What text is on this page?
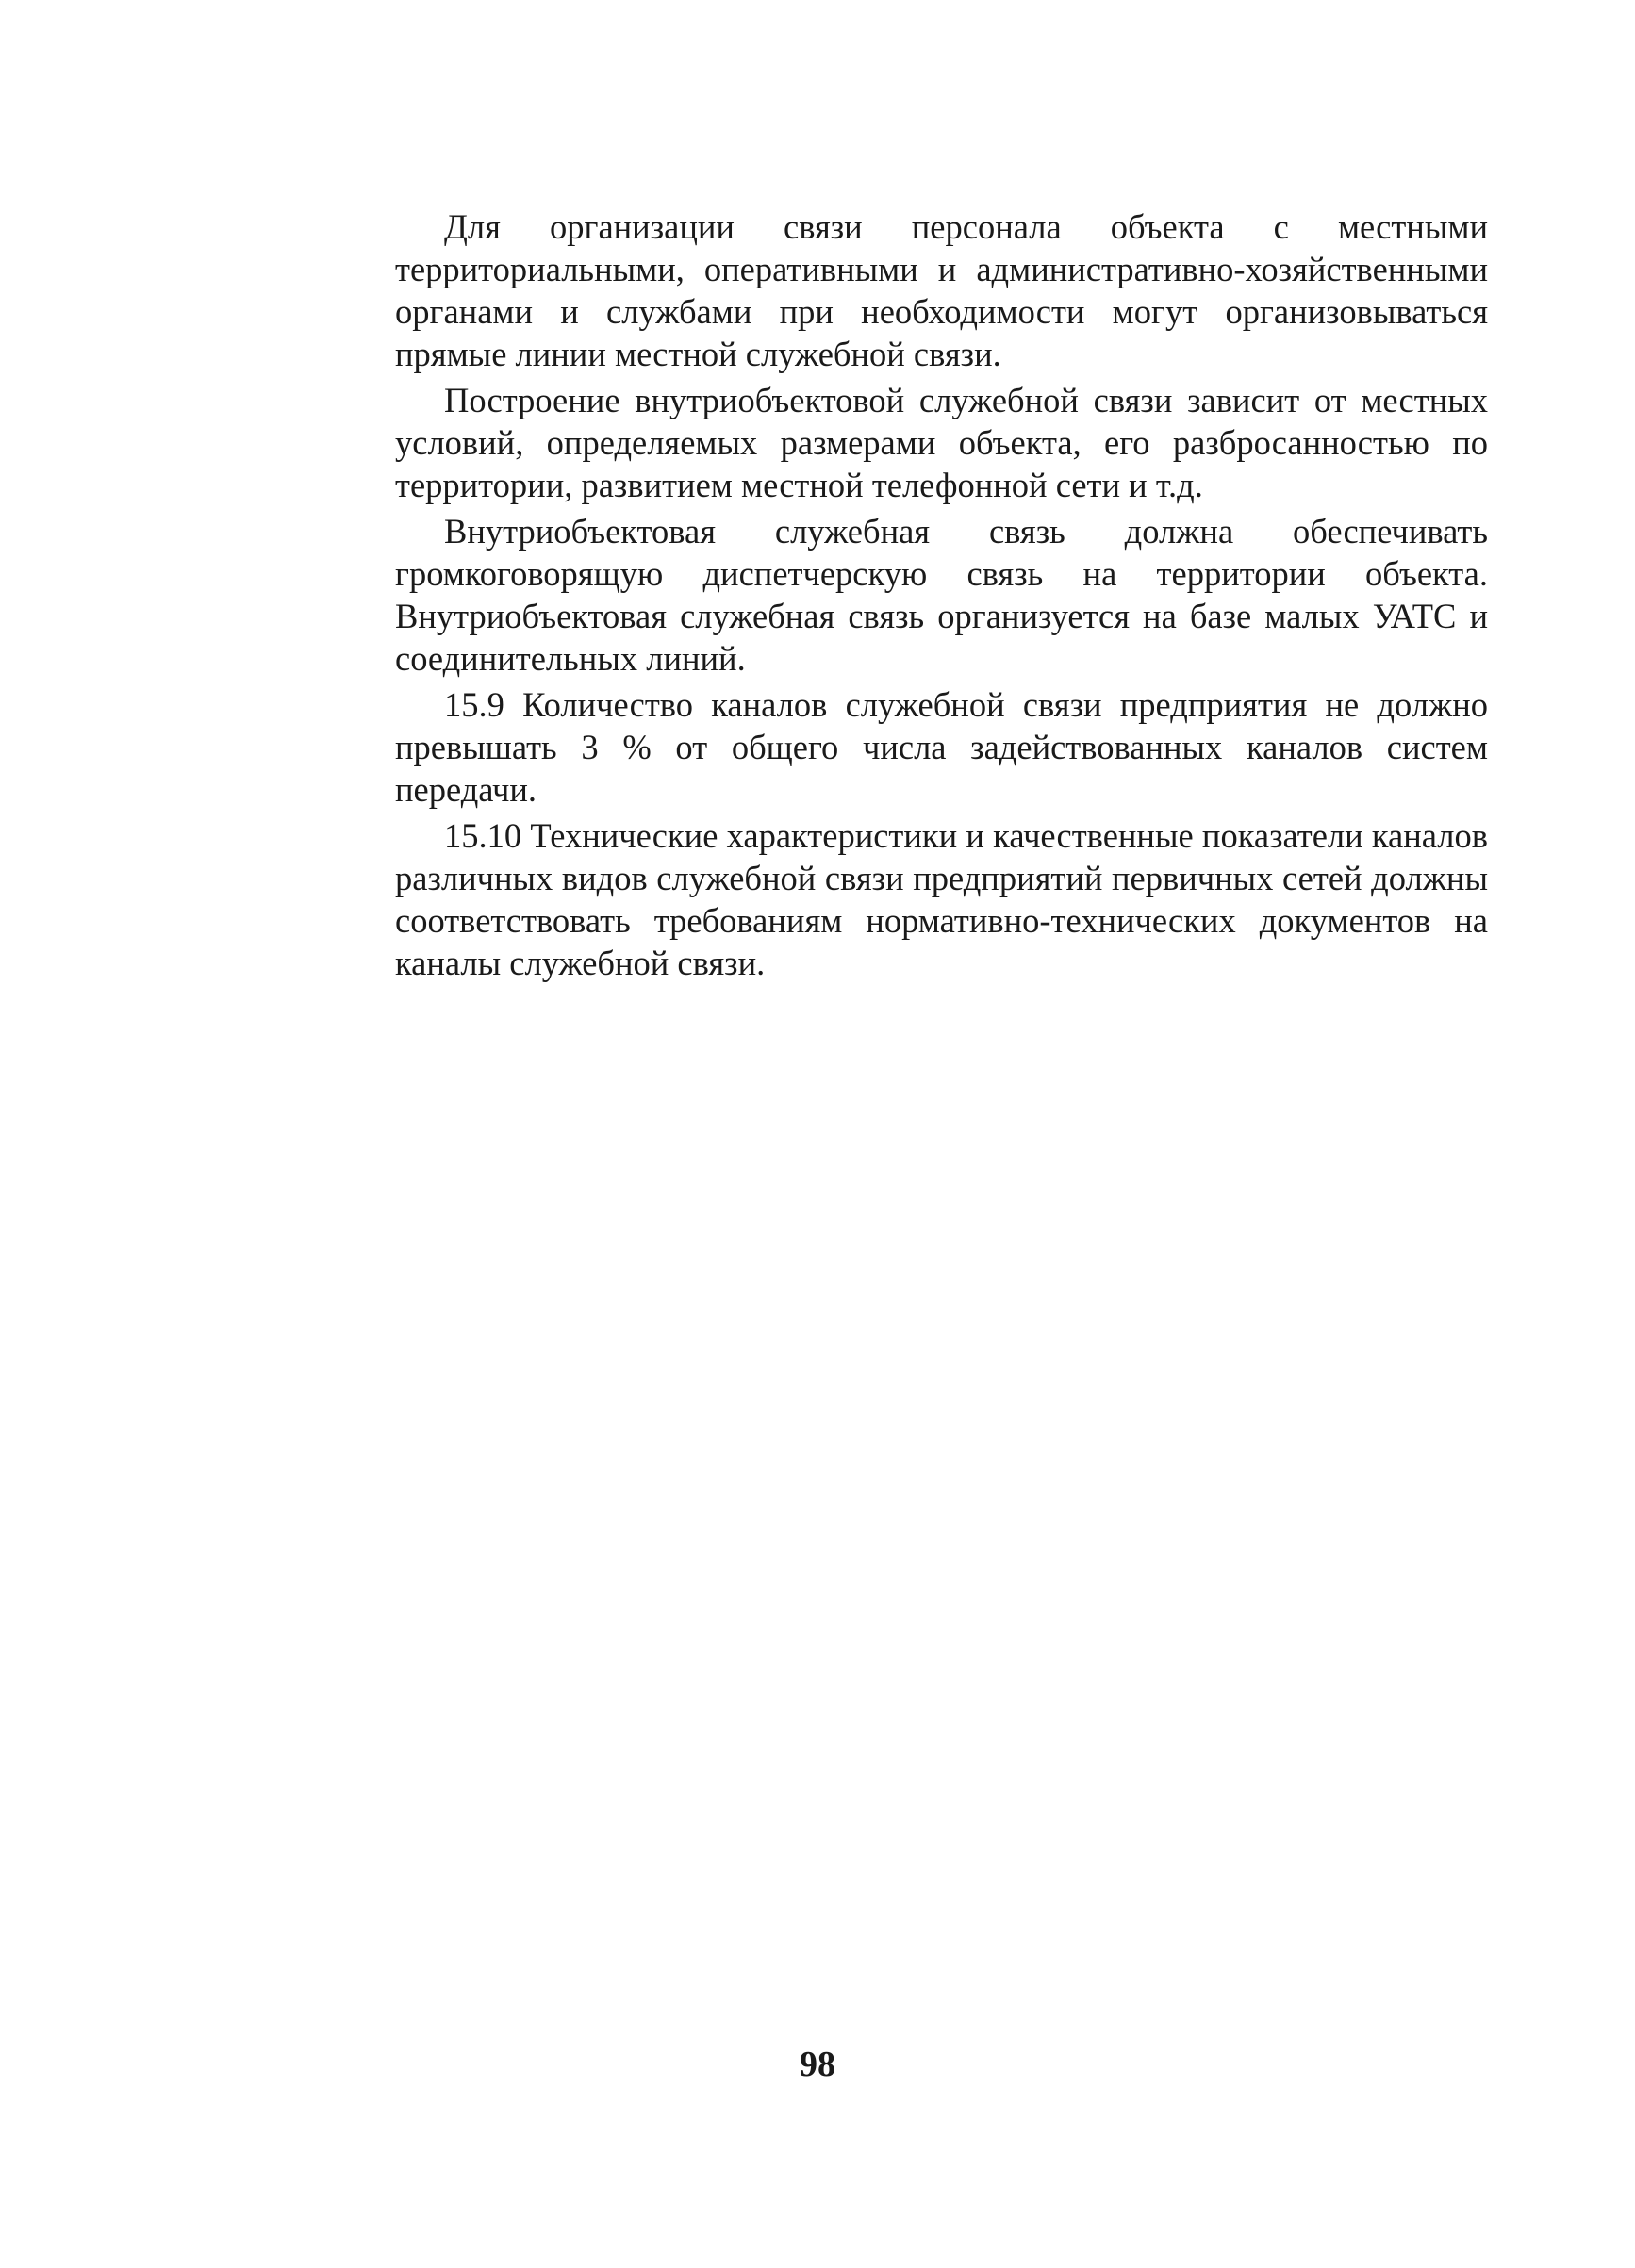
Для организации связи персонала объекта с местными территориальными, оперативными и административно-хозяйственными органами и службами при необходимости могут организовываться прямые линии местной служебной связи.

Построение внутриобъектовой служебной связи зависит от местных условий, определяемых размерами объекта, его разбросанностью по территории, развитием местной телефонной сети и т.д.

Внутриобъектовая служебная связь должна обеспечивать громкоговорящую диспетчерскую связь на территории объекта. Внутриобъектовая служебная связь организуется на базе малых УАТС и соединительных линий.

15.9 Количество каналов служебной связи предприятия не должно превышать 3 % от общего числа задействованных каналов систем передачи.

15.10 Технические характеристики и качественные показатели каналов различных видов служебной связи предприятий первичных сетей должны соответствовать требованиям нормативно-технических документов на каналы служебной связи.

98
